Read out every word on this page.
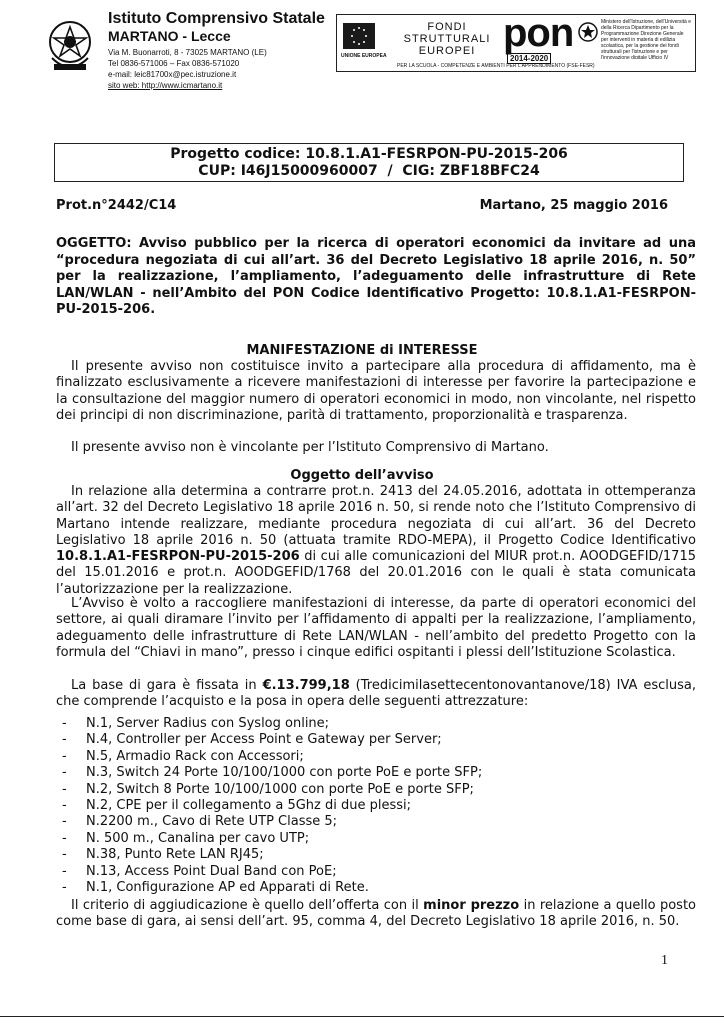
Istituto Comprensivo Statale
MARTANO - Lecce
Via M. Buonarroti, 8 - 73025 MARTANO (LE)
Tel 0836-571006 – Fax 0836-571020
e-mail: leic81700x@pec.istruzione.it
sito web: http://www.icmartano.it
UNIONE EUROPEA
FONDI
STRUTTURALI
EUROPEI pon
2014-2020
Ministero dell'Istruzione, dell'Università e della Ricerca Dipartimento per la Programmazione Direzione Generale per interventi in materia di edilizia scolastica, per la gestione dei fondi strutturali per l'istruzione e per l'innovazione digitale Ufficio IV
PER LA SCUOLA - COMPETENZE E AMBIENTI PER L'APPRENDIMENTO (FSE-FESR)
Progetto codice: 10.8.1.A1-FESRPON-PU-2015-206
CUP: I46J15000960007  /  CIG: ZBF18BFC24
Prot.n°2442/C14	Martano, 25 maggio 2016
OGGETTO: Avviso pubblico per la ricerca di operatori economici da invitare ad una “procedura negoziata di cui all’art. 36 del Decreto Legislativo 18 aprile 2016, n. 50” per la realizzazione, l’ampliamento, l’adeguamento delle infrastrutture di Rete LAN/WLAN - nell’Ambito del PON Codice Identificativo Progetto: 10.8.1.A1-FESRPON-PU-2015-206.
MANIFESTAZIONE di INTERESSE
Il presente avviso non costituisce invito a partecipare alla procedura di affidamento, ma è finalizzato esclusivamente a ricevere manifestazioni di interesse per favorire la partecipazione e la consultazione del maggior numero di operatori economici in modo, non vincolante, nel rispetto dei principi di non discriminazione, parità di trattamento, proporzionalità e trasparenza.
Il presente avviso non è vincolante per l’Istituto Comprensivo di Martano.
Oggetto dell’avviso
In relazione alla determina a contrarre prot.n. 2413 del 24.05.2016, adottata in ottemperanza all’art. 32 del Decreto Legislativo 18 aprile 2016 n. 50, si rende noto che l’Istituto Comprensivo di Martano intende realizzare, mediante procedura negoziata di cui all’art. 36 del Decreto Legislativo 18 aprile 2016 n. 50 (attuata tramite RDO-MEPA), il Progetto Codice Identificativo 10.8.1.A1-FESRPON-PU-2015-206 di cui alle comunicazioni del MIUR prot.n. AOODGEFID/1715 del 15.01.2016 e prot.n. AOODGEFID/1768 del 20.01.2016 con le quali è stata comunicata l’autorizzazione per la realizzazione.
L’Avviso è volto a raccogliere manifestazioni di interesse, da parte di operatori economici del settore, ai quali diramare l’invito per l’affidamento di appalti per la realizzazione, l’ampliamento, adeguamento delle infrastrutture di Rete LAN/WLAN - nell’ambito del predetto Progetto con la formula del “Chiavi in mano”, presso i cinque edifici ospitanti i plessi dell’Istituzione Scolastica.
La base di gara è fissata in €.13.799,18 (Tredicimilasettecentonovantanove/18) IVA esclusa, che comprende l’acquisto e la posa in opera delle seguenti attrezzature:
- N.1, Server Radius con Syslog online;
- N.4, Controller per Access Point e Gateway per Server;
- N.5, Armadio Rack con Accessori;
- N.3, Switch 24 Porte 10/100/1000 con porte PoE e porte SFP;
- N.2, Switch 8 Porte 10/100/1000 con porte PoE e porte SFP;
- N.2, CPE per il collegamento a 5Ghz di due plessi;
- N.2200 m., Cavo di Rete UTP Classe 5;
- N. 500 m., Canalina per cavo UTP;
- N.38, Punto Rete LAN RJ45;
- N.13, Access Point Dual Band con PoE;
- N.1, Configurazione AP ed Apparati di Rete.
Il criterio di aggiudicazione è quello dell’offerta con il minor prezzo in relazione a quello posto come base di gara, ai sensi dell’art. 95, comma 4, del Decreto Legislativo 18 aprile 2016, n. 50.
1
